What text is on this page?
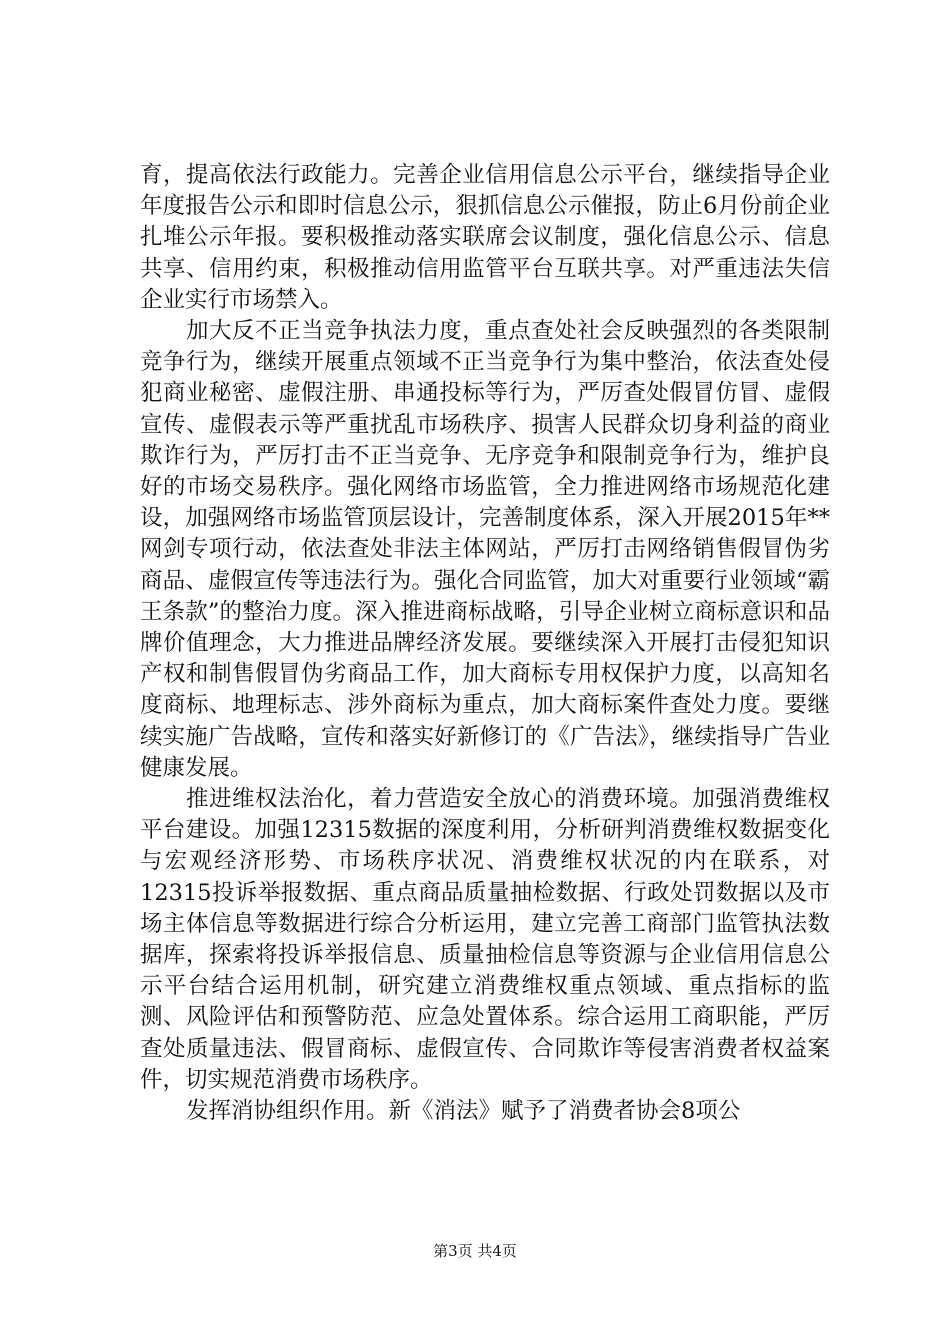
育，提高依法行政能力。完善企业信用信息公示平台，继续指导企业年度报告公示和即时信息公示，狠抓信息公示催报，防止6月份前企业扎堆公示年报。要积极推动落实联席会议制度，强化信息公示、信息共享、信用约束，积极推动信用监管平台互联共享。对严重违法失信企业实行市场禁入。

加大反不正当竞争执法力度，重点查处社会反映强烈的各类限制竞争行为，继续开展重点领域不正当竞争行为集中整治，依法查处侵犯商业秘密、虚假注册、串通投标等行为，严厉查处假冒仿冒、虚假宣传、虚假表示等严重扰乱市场秩序、损害人民群众切身利益的商业欺诈行为，严厉打击不正当竞争、无序竞争和限制竞争行为，维护良好的市场交易秩序。强化网络市场监管，全力推进网络市场规范化建设，加强网络市场监管顶层设计，完善制度体系，深入开展2015年**网剑专项行动，依法查处非法主体网站，严厉打击网络销售假冒伪劣商品、虚假宣传等违法行为。强化合同监管，加大对重要行业领域“霸王条款”的整治力度。深入推进商标战略，引导企业树立商标意识和品牌价值理念，大力推进品牌经济发展。要继续深入开展打击侵犯知识产权和制售假冒伪劣商品工作，加大商标专用权保护力度，以高知名度商标、地理标志、涉外商标为重点，加大商标案件查处力度。要继续实施广告战略，宣传和落实好新修订的《广告法》，继续指导广告业健康发展。

推进维权法治化，着力营造安全放心的消费环境。加强消费维权平台建设。加强12315数据的深度利用，分析研判消费维权数据变化与宏观经济形势、市场秩序状况、消费维权状况的内在联系，对12315投诉举报数据、重点商品质量抽检数据、行政处罚数据以及市场主体信息等数据进行综合分析运用，建立完善工商部门监管执法数据库，探索将投诉举报信息、质量抽检信息等资源与企业信用信息公示平台结合运用机制，研究建立消费维权重点领域、重点指标的监测、风险评估和预警防范、应急处置体系。综合运用工商职能，严厉查处质量违法、假冒商标、虚假宣传、合同欺诈等侵害消费者权益案件，切实规范消费市场秩序。

发挥消协组织作用。新《消法》赋予了消费者协会8项公

第3页 共4页
